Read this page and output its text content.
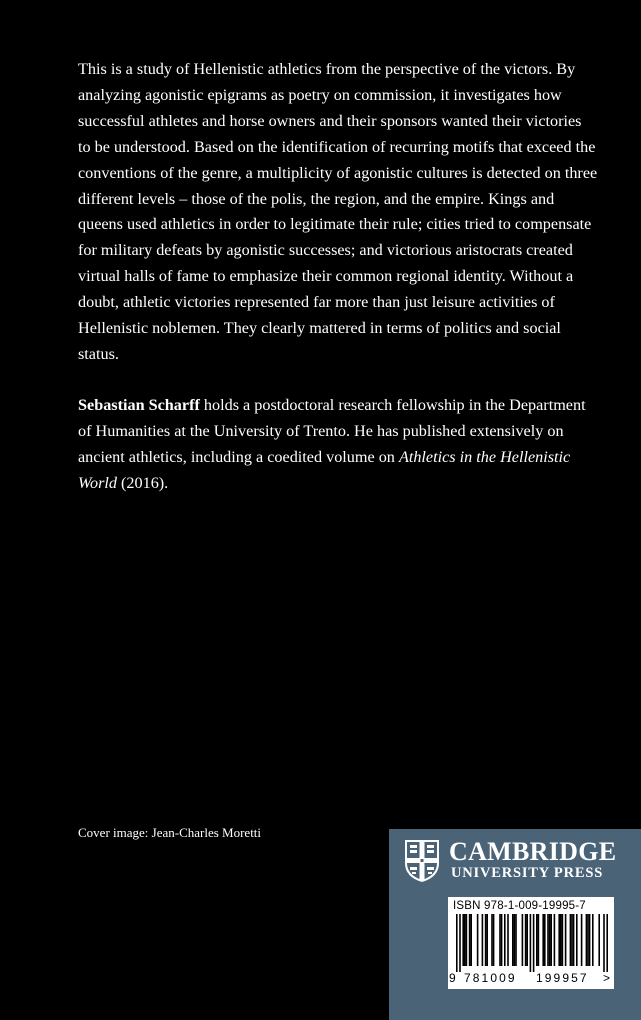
This is a study of Hellenistic athletics from the perspective of the victors. By analyzing agonistic epigrams as poetry on commission, it investigates how successful athletes and horse owners and their sponsors wanted their victories to be understood. Based on the identification of recurring motifs that exceed the conventions of the genre, a multiplicity of agonistic cultures is detected on three different levels – those of the polis, the region, and the empire. Kings and queens used athletics in order to legitimate their rule; cities tried to compensate for military defeats by agonistic successes; and victorious aristocrats created virtual halls of fame to emphasize their common regional identity. Without a doubt, athletic victories represented far more than just leisure activities of Hellenistic noblemen. They clearly mattered in terms of politics and social status.

Sebastian Scharff holds a postdoctoral research fellowship in the Department of Humanities at the University of Trento. He has published extensively on ancient athletics, including a coedited volume on Athletics in the Hellenistic World (2016).

Cover image: Jean-Charles Moretti
CAMBRIDGE
UNIVERSITY PRESS
ISBN 978-1-009-19995-7
9 781009 199957 >
